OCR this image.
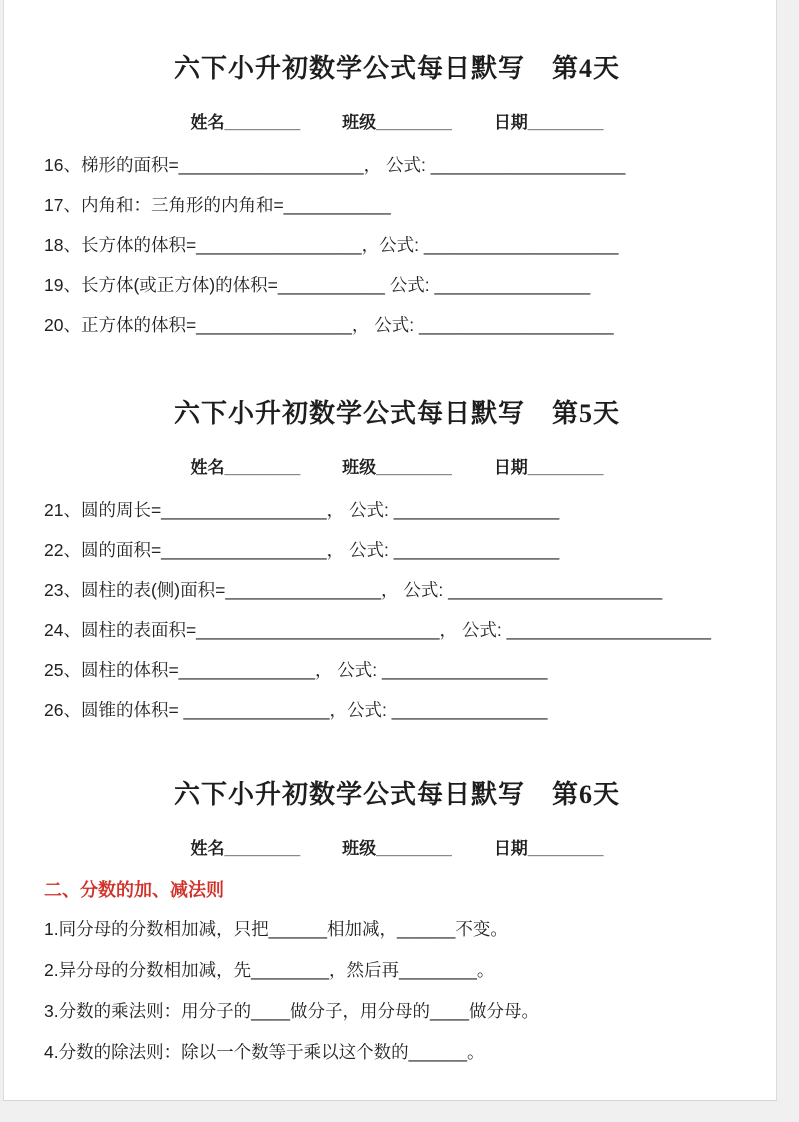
六下小升初数学公式每日默写　第4天
姓名________ 班级________ 日期________
16、梯形的面积=___________________， 公式: ____________________
17、内角和：三角形的内角和=___________
18、长方体的体积=_________________，公式: ____________________
19、长方体(或正方体)的体积=___________ 公式: ________________
20、正方体的体积=________________， 公式: ____________________
六下小升初数学公式每日默写　第5天
姓名________ 班级________ 日期________
21、圆的周长=_________________， 公式: _________________
22、圆的面积=_________________， 公式: _________________
23、圆柱的表(侧)面积=________________， 公式: ______________________
24、圆柱的表面积=_________________________， 公式: _____________________
25、圆柱的体积=______________， 公式: _________________
26、圆锥的体积= _______________，公式: ________________
六下小升初数学公式每日默写　第6天
姓名________ 班级________ 日期________
二、分数的加、减法则
1.同分母的分数相加减，只把______相加减，______不变。
2.异分母的分数相加减，先________，然后再________。
3.分数的乘法则：用分子的____做分子，用分母的____做分母。
4.分数的除法则：除以一个数等于乘以这个数的______。
